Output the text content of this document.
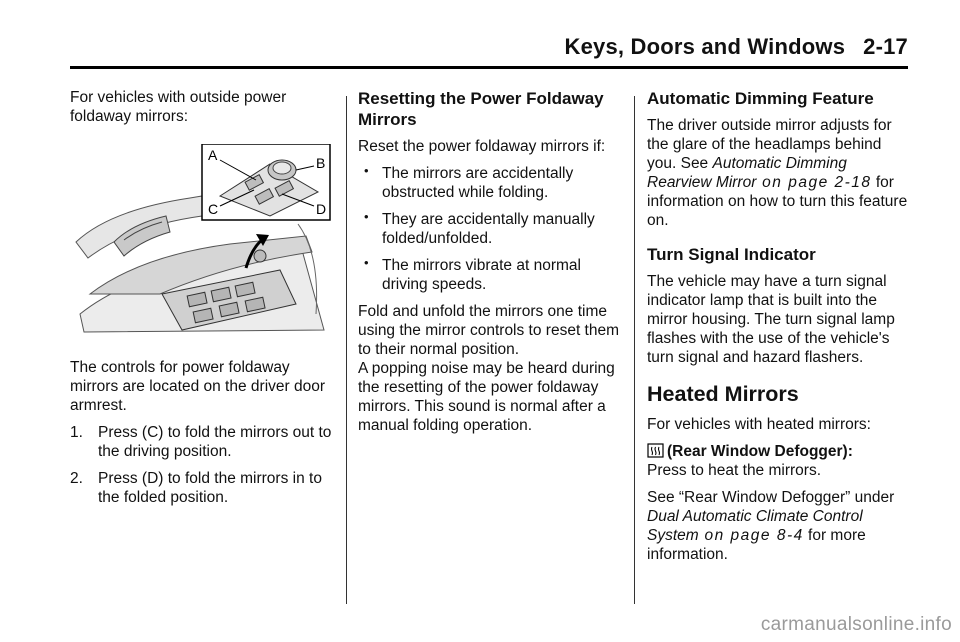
Keys, Doors and Windows 2-17

For vehicles with outside power foldaway mirrors:

A	B
C	D

The controls for power foldaway mirrors are located on the driver door armrest.

1. Press (C) to fold the mirrors out to the driving position.
2. Press (D) to fold the mirrors in to the folded position.
Resetting the Power Foldaway Mirrors

Reset the power foldaway mirrors if:

• The mirrors are accidentally obstructed while folding.
• They are accidentally manually folded/unfolded.
• The mirrors vibrate at normal driving speeds.

Fold and unfold the mirrors one time using the mirror controls to reset them to their normal position.

A popping noise may be heard during the resetting of the power foldaway mirrors. This sound is normal after a manual folding operation.

Automatic Dimming Feature

The driver outside mirror adjusts for the glare of the headlamps behind you. See Automatic Dimming Rearview Mirror on page 2-18 for information on how to turn this feature on.

Turn Signal Indicator

The vehicle may have a turn signal indicator lamp that is built into the mirror housing. The turn signal lamp flashes with the use of the vehicle's turn signal and hazard flashers.

Heated Mirrors

For vehicles with heated mirrors:

(Rear Window Defogger):

Press to heat the mirrors.

See “Rear Window Defogger” under Dual Automatic Climate Control System on page 8-4 for more information.

carmanualsonline.info
